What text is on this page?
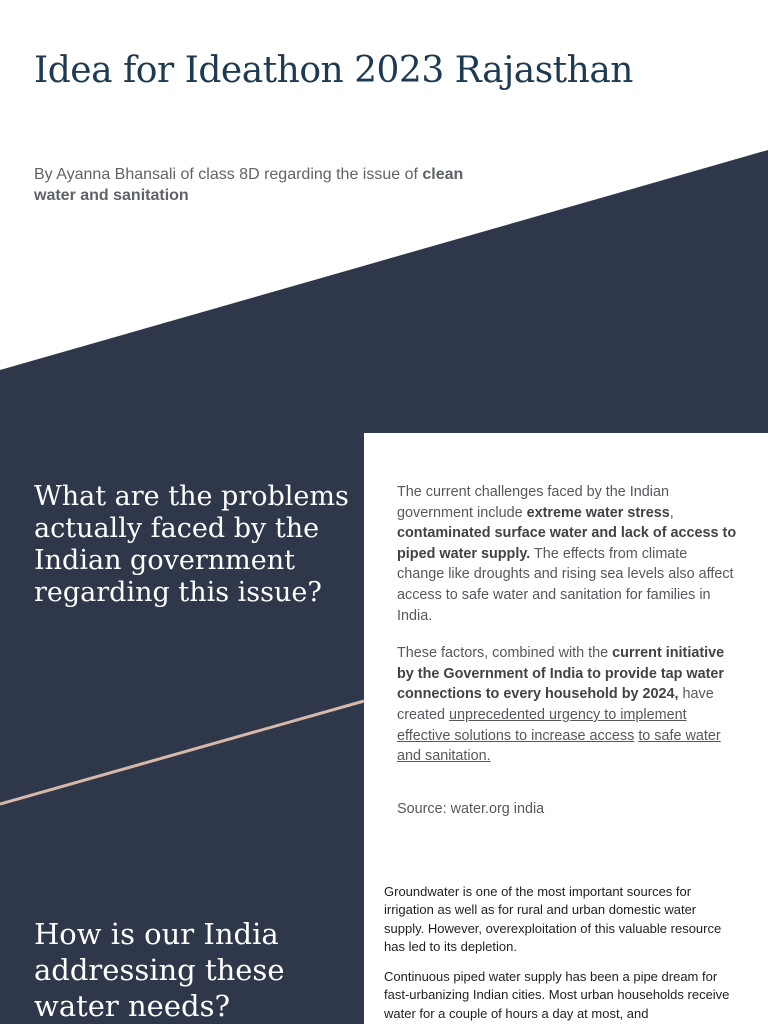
Idea for Ideathon 2023 Rajasthan

By Ayanna Bhansali of class 8D regarding the issue of clean water and sanitation

What are the problems actually faced by the Indian government regarding this issue?

The current challenges faced by the Indian government include extreme water stress, contaminated surface water and lack of access to piped water supply. The effects from climate change like droughts and rising sea levels also affect access to safe water and sanitation for families in India.

These factors, combined with the current initiative by the Government of India to provide tap water connections to every household by 2024, have created unprecedented urgency to implement effective solutions to increase access to safe water and sanitation.

Source: water.org india

How is our India addressing these water needs?

Groundwater is one of the most important sources for irrigation as well as for rural and urban domestic water supply. However, overexploitation of this valuable resource has led to its depletion.

Continuous piped water supply has been a pipe dream for fast-urbanizing Indian cities. Most urban households receive water for a couple of hours a day at most, and
